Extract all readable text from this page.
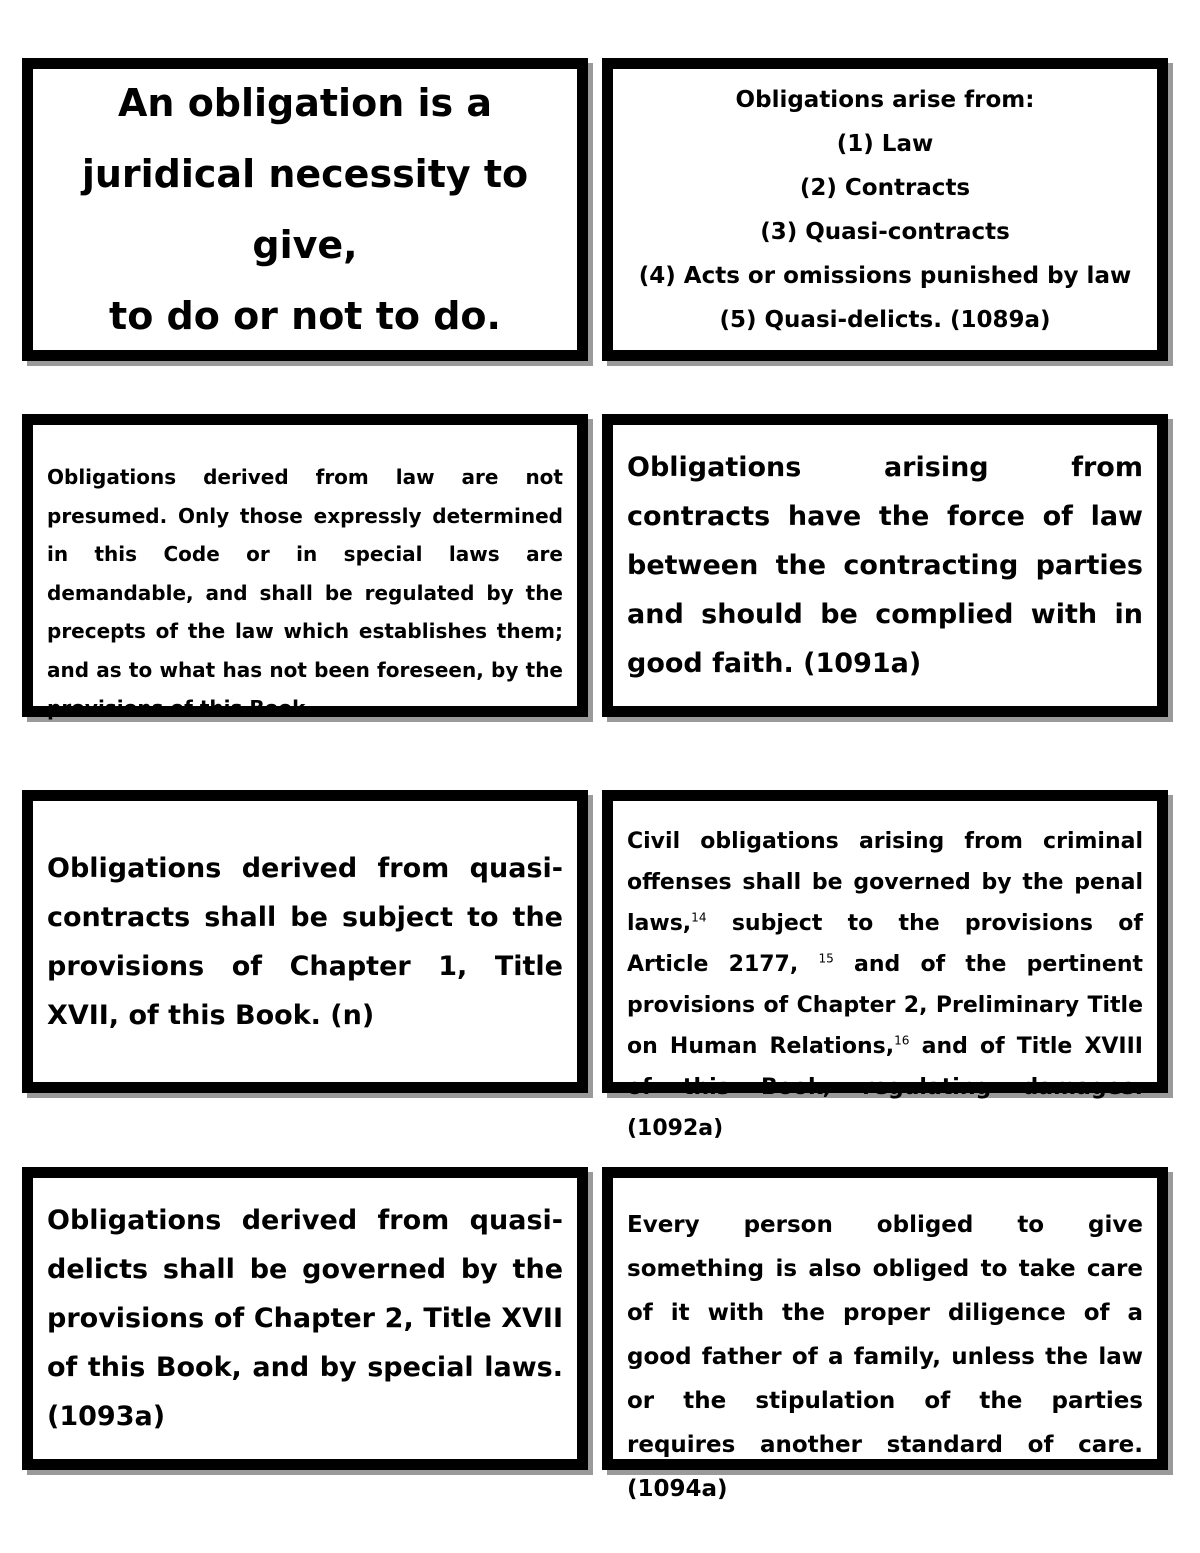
An obligation is a

juridical necessity to

give,

to do or not to do.

Obligations arise from:

(1) Law

(2) Contracts

(3) Quasi-contracts

(4) Acts or omissions punished by law

(5) Quasi-delicts. (1089a)

Obligations derived from law are not presumed. Only those expressly determined in this Code or in special laws are demandable, and shall be regulated by the precepts of the law which establishes them; and as to what has not been foreseen, by the provisions of this Book.

Obligations arising from contracts have the force of law between the contracting parties and should be complied with in good faith. (1091a)

Obligations derived from quasi-contracts shall be subject to the provisions of Chapter 1, Title XVII, of this Book. (n)

Civil obligations arising from criminal offenses shall be governed by the penal laws,$^{14}$ subject to the provisions of Article 2177, $^{15}$ and of the pertinent provisions of Chapter 2, Preliminary Title on Human Relations,$^{16}$ and of Title XVIII of this Book, regulating damages. (1092a)

Obligations derived from quasi-delicts shall be governed by the provisions of Chapter 2, Title XVII of this Book, and by special laws. (1093a)

Every person obliged to give something is also obliged to take care of it with the proper diligence of a good father of a family, unless the law or the stipulation of the parties requires another standard of care. (1094a)
